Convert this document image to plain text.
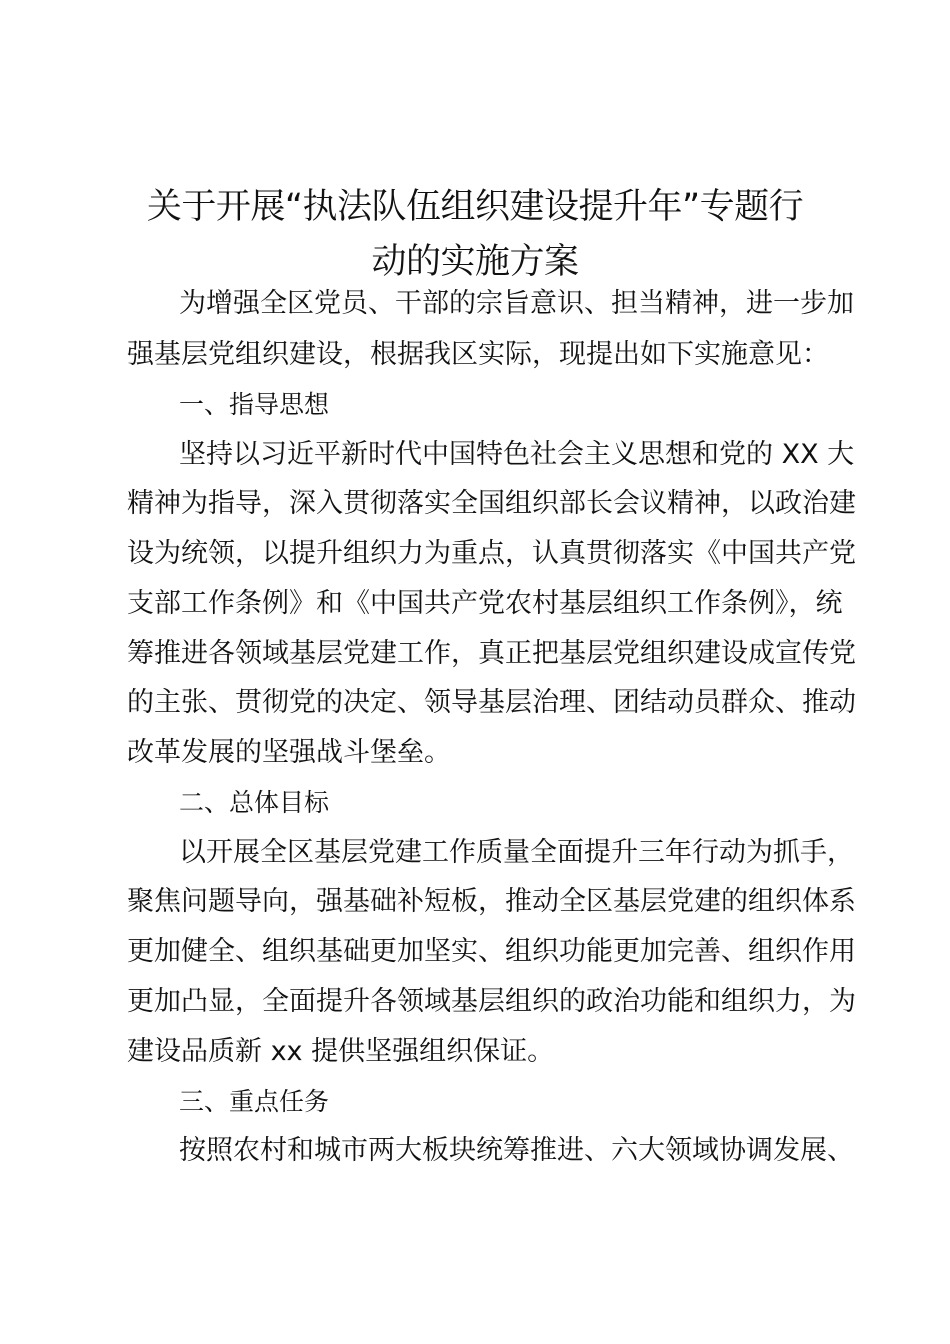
关于开展“执法队伍组织建设提升年”专题行
动的实施方案
为增强全区党员、干部的宗旨意识、担当精神，进一步加
强基层党组织建设，根据我区实际，现提出如下实施意见：
一、指导思想
坚持以习近平新时代中国特色社会主义思想和党的 XX 大
精神为指导，深入贯彻落实全国组织部长会议精神，以政治建
设为统领，以提升组织力为重点，认真贯彻落实《中国共产党
支部工作条例》和《中国共产党农村基层组织工作条例》，统
筹推进各领域基层党建工作，真正把基层党组织建设成宣传党
的主张、贯彻党的决定、领导基层治理、团结动员群众、推动
改革发展的坚强战斗堡垒。
二、总体目标
以开展全区基层党建工作质量全面提升三年行动为抓手，
聚焦问题导向，强基础补短板，推动全区基层党建的组织体系
更加健全、组织基础更加坚实、组织功能更加完善、组织作用
更加凸显，全面提升各领域基层组织的政治功能和组织力，为
建设品质新 xx 提供坚强组织保证。
三、重点任务
按照农村和城市两大板块统筹推进、六大领域协调发展、
